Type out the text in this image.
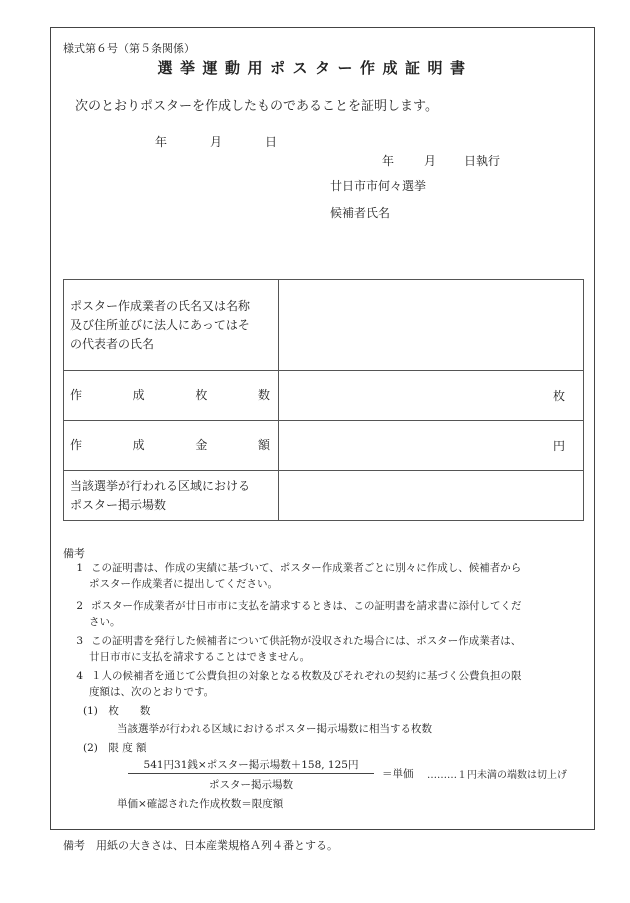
様式第６号（第５条関係）
選挙運動用ポスター作成証明書
次のとおりポスターを作成したものであることを証明します。
年	月	日
年 月 日執行
廿日市市何々選挙
候補者氏名
ポスター作成業者の氏名又は名称
及び住所並びに法人にあってはそ
の代表者の氏名	

作 成 枚 数	枚

作 成 金 額	円

当該選挙が行われる区域における
ポスター掲示場数	

備考
1 この証明書は、作成の実績に基づいて、ポスター作成業者ごとに別々に作成し、候補者から
ポスター作成業者に提出してください。
2 ポスター作成業者が廿日市市に支払を請求するときは、この証明書を請求書に添付してくだ
さい。
3 この証明書を発行した候補者について供託物が没収された場合には、ポスター作成業者は、
廿日市市に支払を請求することはできません。
4 １人の候補者を通じて公費負担の対象となる枚数及びそれぞれの契約に基づく公費負担の限
度額は、次のとおりです。
(1)　枚　　数
当該選挙が行われる区域におけるポスター掲示場数に相当する枚数
(2)　限 度 額
541円31銭×ポスター掲示場数＋158, 125円
ポスター掲示場数
＝単価 ………１円未満の端数は切上げ
単価×確認された作成枚数＝限度額
備考　用紙の大きさは、日本産業規格Ａ列４番とする。
